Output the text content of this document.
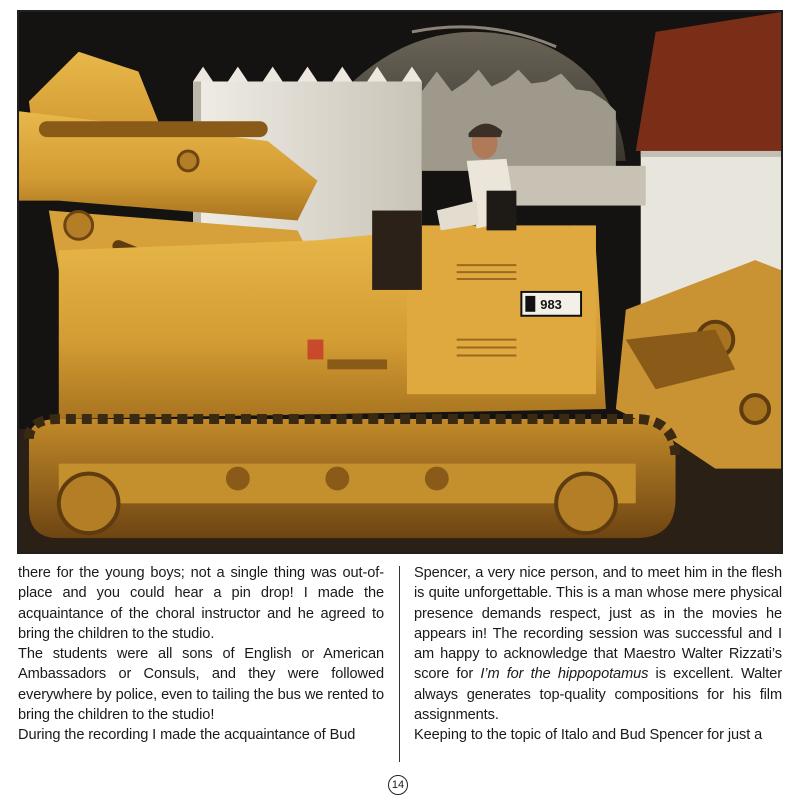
983

there for the young boys; not a single thing was out-of-place and you could hear a pin drop! I made the acquaintance of the choral instructor and he agreed to bring the children to the studio.

The students were all sons of English or American Ambassadors or Consuls, and they were followed everywhere by police, even to tailing the bus we rented to bring the children to the studio!

During the recording I made the acquaintance of Bud

Spencer, a very nice person, and to meet him in the flesh is quite unforgettable. This is a man whose mere physical presence demands respect, just as in the movies he appears in! The recording session was successful and I am happy to acknowledge that Maestro Walter Rizzati’s score for I’m for the hippopotamus is excellent. Walter always generates top-quality compositions for his film assignments.

Keeping to the topic of Italo and Bud Spencer for just a

14
